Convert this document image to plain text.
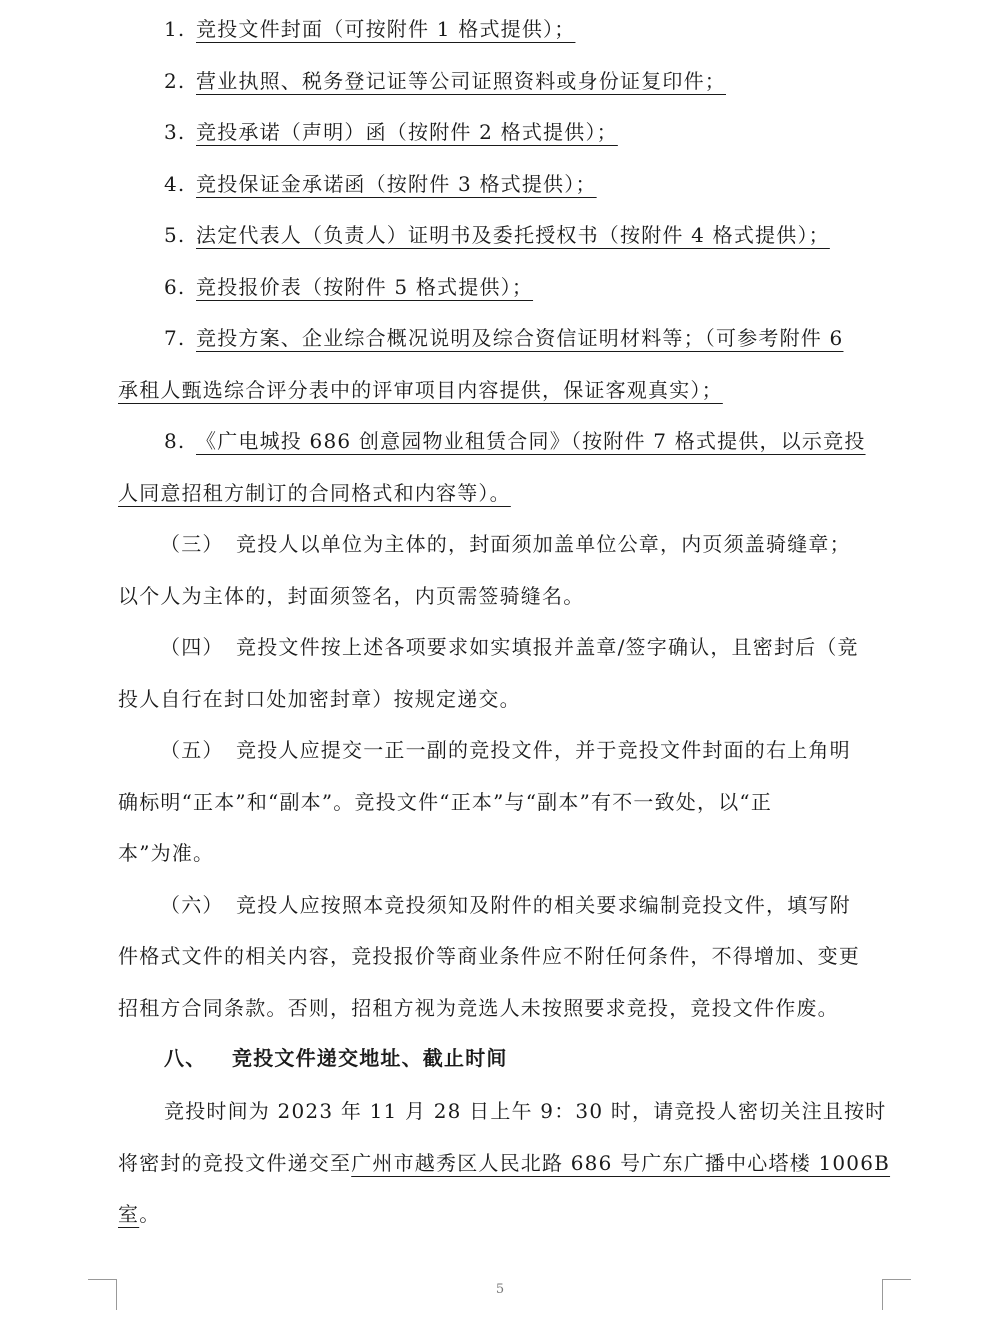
1. 竞投文件封面（可按附件 1 格式提供）；
2. 营业执照、税务登记证等公司证照资料或身份证复印件；
3. 竞投承诺（声明）函（按附件 2 格式提供）；
4. 竞投保证金承诺函（按附件 3 格式提供）；
5. 法定代表人（负责人）证明书及委托授权书（按附件 4 格式提供）；
6. 竞投报价表（按附件 5 格式提供）；
7. 竞投方案、企业综合概况说明及综合资信证明材料等；（可参考附件 6
承租人甄选综合评分表中的评审项目内容提供，保证客观真实）；
8. 《广电城投 686 创意园物业租赁合同》（按附件 7 格式提供，以示竞投
人同意招租方制订的合同格式和内容等）。
（三） 竞投人以单位为主体的，封面须加盖单位公章，内页须盖骑缝章；
以个人为主体的，封面须签名，内页需签骑缝名。
（四） 竞投文件按上述各项要求如实填报并盖章/签字确认，且密封后（竞
投人自行在封口处加密封章）按规定递交。
（五） 竞投人应提交一正一副的竞投文件，并于竞投文件封面的右上角明
确标明“正本”和“副本”。竞投文件“正本”与“副本”有不一致处，以“正
本”为准。
（六） 竞投人应按照本竞投须知及附件的相关要求编制竞投文件，填写附
件格式文件的相关内容，竞投报价等商业条件应不附任何条件，不得增加、变更
招租方合同条款。否则，招租方视为竞选人未按照要求竞投，竞投文件作废。
八、 竞投文件递交地址、截止时间
竞投时间为 2023 年 11 月 28 日上午 9：30 时，请竞投人密切关注且按时
将密封的竞投文件递交至广州市越秀区人民北路 686 号广东广播中心塔楼 1006B
室。
5
